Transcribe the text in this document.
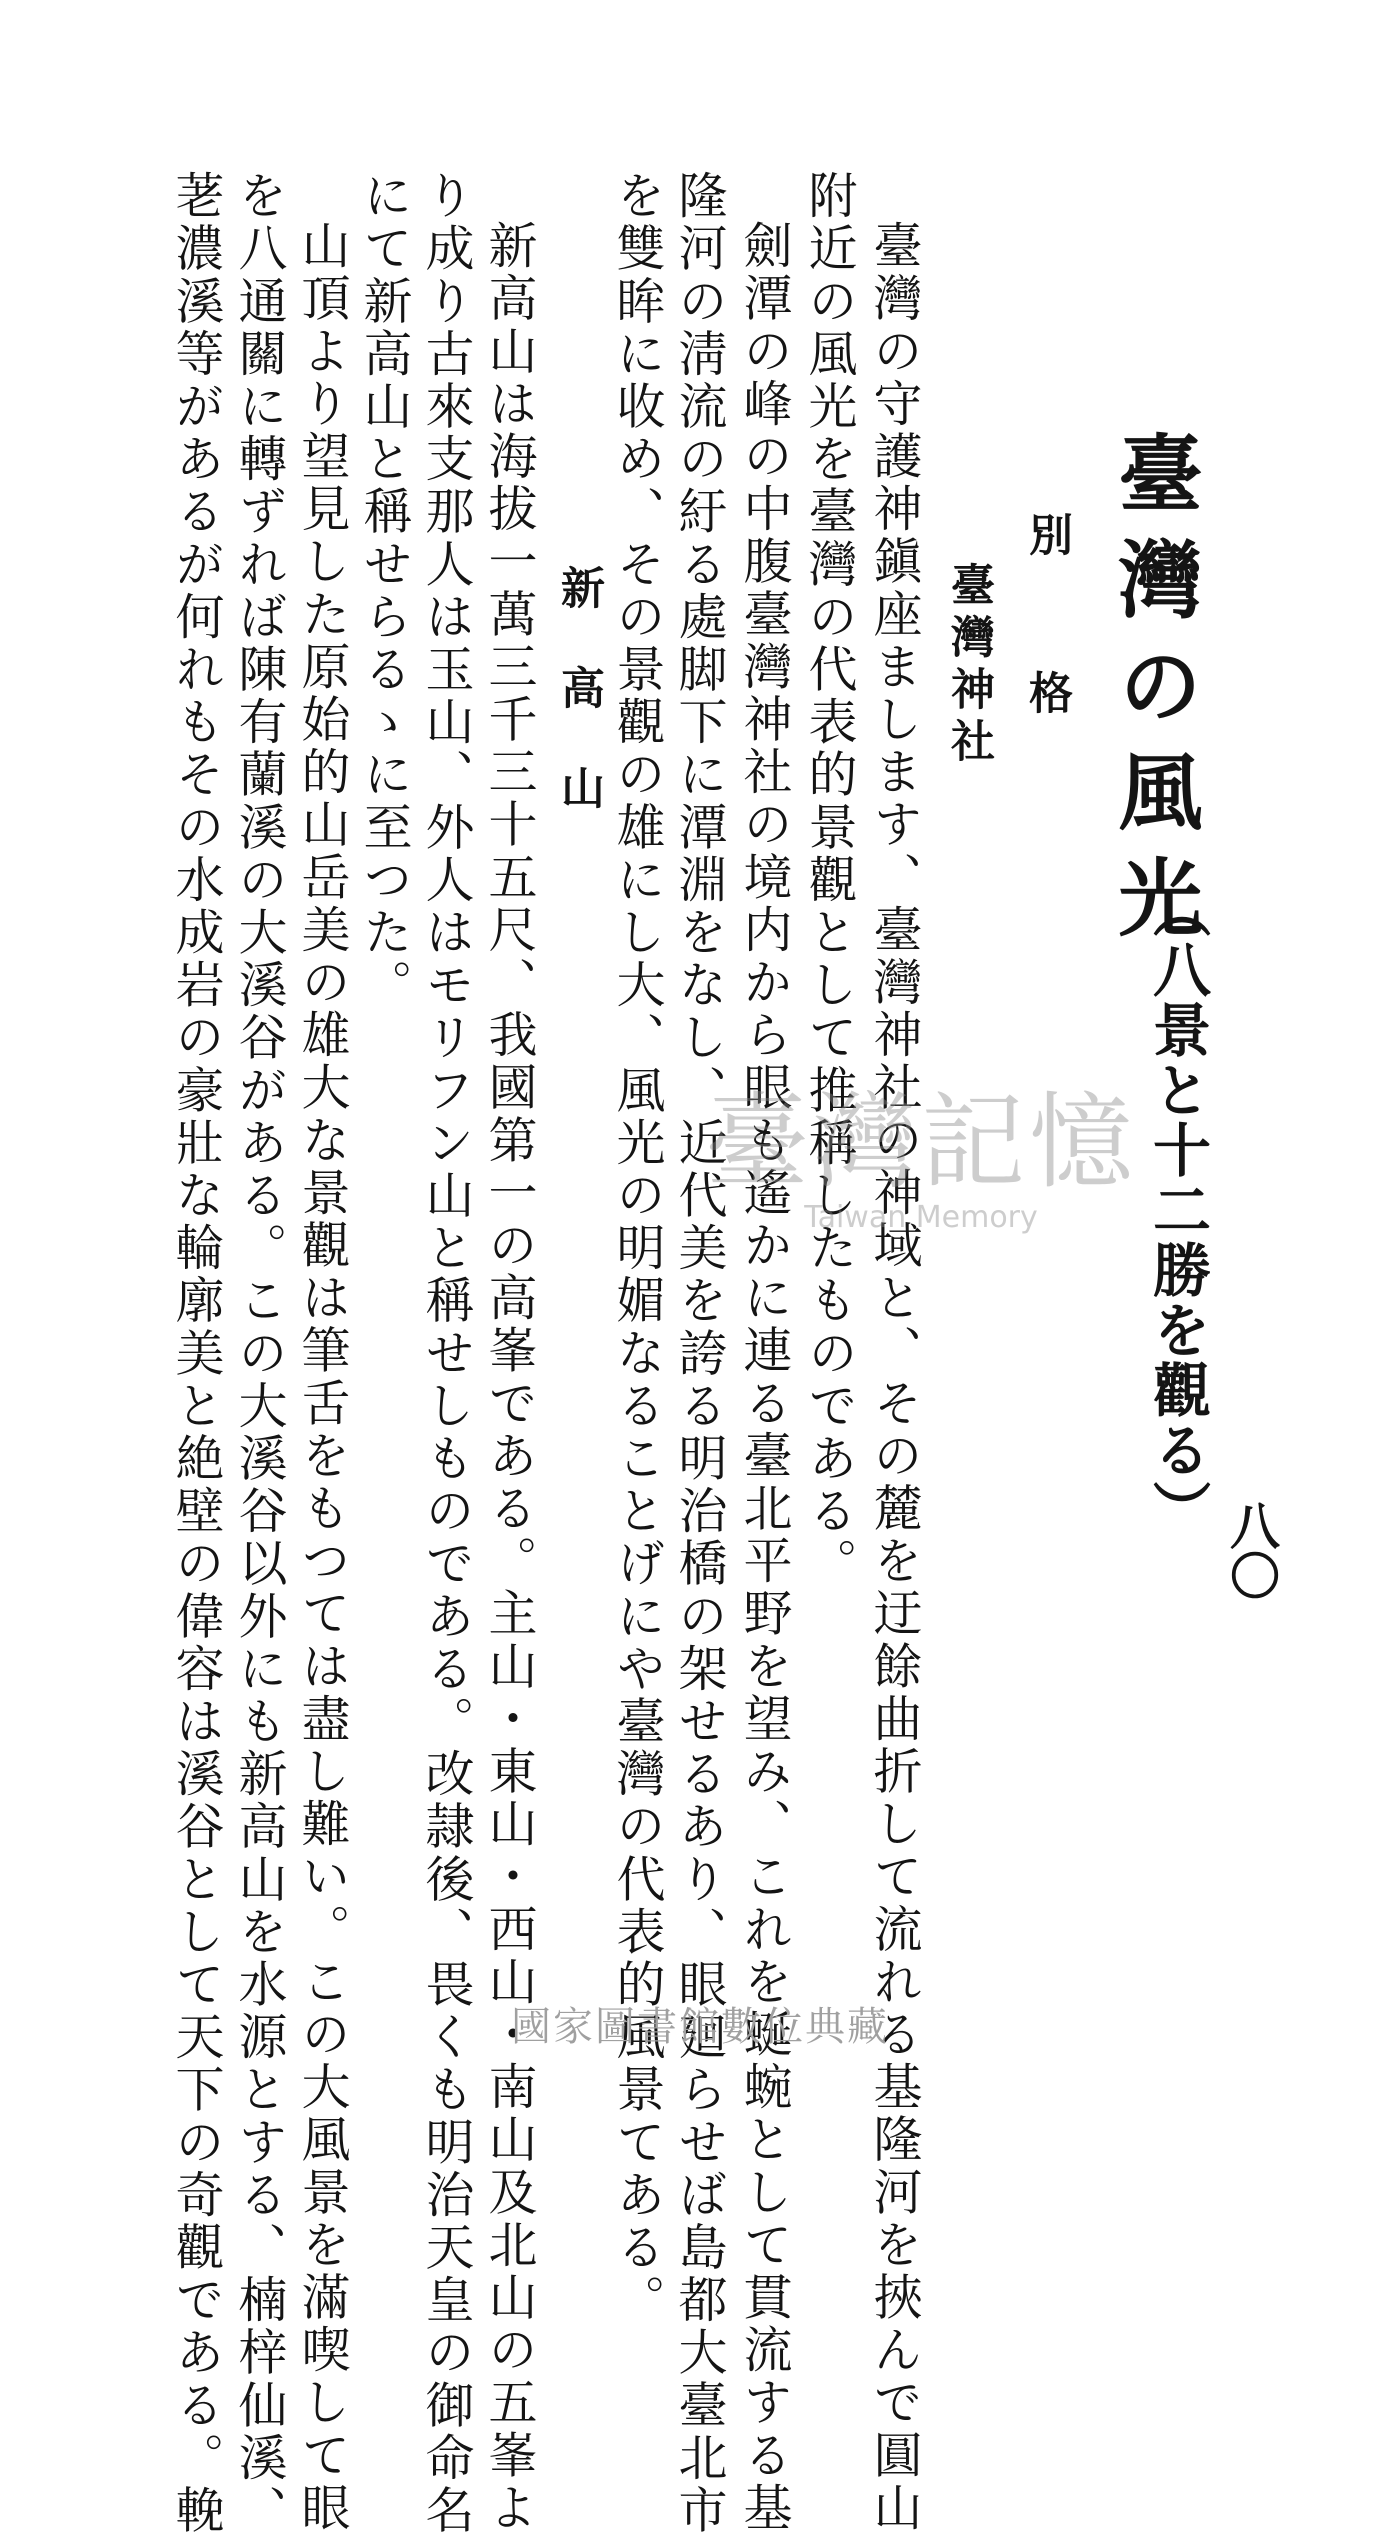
八〇
臺灣の風光
（八景と十二勝を觀る）
別格
臺灣神社
臺灣の守護神鎭座まします、臺灣神社の神域と、その麓を迂餘曲折して流れる基隆河を挾んで圓山
附近の風光を臺灣の代表的景觀として推稱したものである。
劍潭の峰の中腹臺灣神社の境内から眼も遙かに連る臺北平野を望み、これを蜒蜿として貫流する基
隆河の淸流の紆る處脚下に潭淵をなし、近代美を誇る明治橋の架せるあり、眼廻らせば島都大臺北市
を雙眸に收め、その景觀の雄にし大、風光の明媚なることげにや臺灣の代表的風景てある。
新高山
新高山は海拔一萬三千三十五尺、我國第一の高峯である。主山・東山・西山・南山及北山の五峯よ
り成り古來支那人は玉山、外人はモリフン山と稱せしものである。改隷後、畏くも明治天皇の御命名
にて新高山と稱せらるゝに至つた。
山頂より望見した原始的山岳美の雄大な景觀は筆舌をもつては盡し難い。この大風景を滿喫して眼
を八通關に轉ずれば陳有蘭溪の大溪谷がある。この大溪谷以外にも新高山を水源とする、楠梓仙溪、
荖濃溪等があるが何れもその水成岩の豪壯な輪廓美と絶壁の偉容は溪谷として天下の奇觀である。輓	臺灣記憶
Taiwan Memory
國家圖書館數位典藏
